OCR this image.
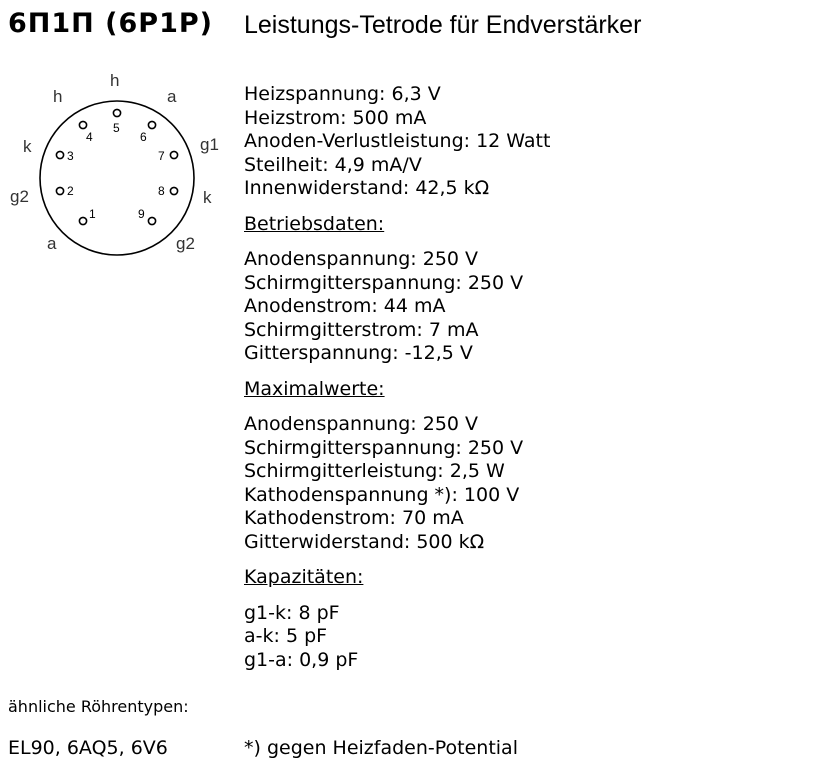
6П1П (6Р1Р) Leistungs-Tetrode für Endverstärker
h
h	a
k	g1
g2	k
a	g2
5
4	6
3	7
2	8
1	9
Heizspannung: 6,3 V
Heizstrom: 500 mA
Anoden-Verlustleistung: 12 Watt
Steilheit: 4,9 mA/V
Innenwiderstand: 42,5 kΩ
Betriebsdaten:
Anodenspannung: 250 V
Schirmgitterspannung: 250 V
Anodenstrom: 44 mA
Schirmgitterstrom: 7 mA
Gitterspannung: -12,5 V
Maximalwerte:
Anodenspannung: 250 V
Schirmgitterspannung: 250 V
Schirmgitterleistung: 2,5 W
Kathodenspannung *): 100 V
Kathodenstrom: 70 mA
Gitterwiderstand: 500 kΩ
Kapazitäten:
g1-k: 8 pF
a-k: 5 pF
g1-a: 0,9 pF
ähnliche Röhrentypen:
EL90, 6AQ5, 6V6	*) gegen Heizfaden-Potential
